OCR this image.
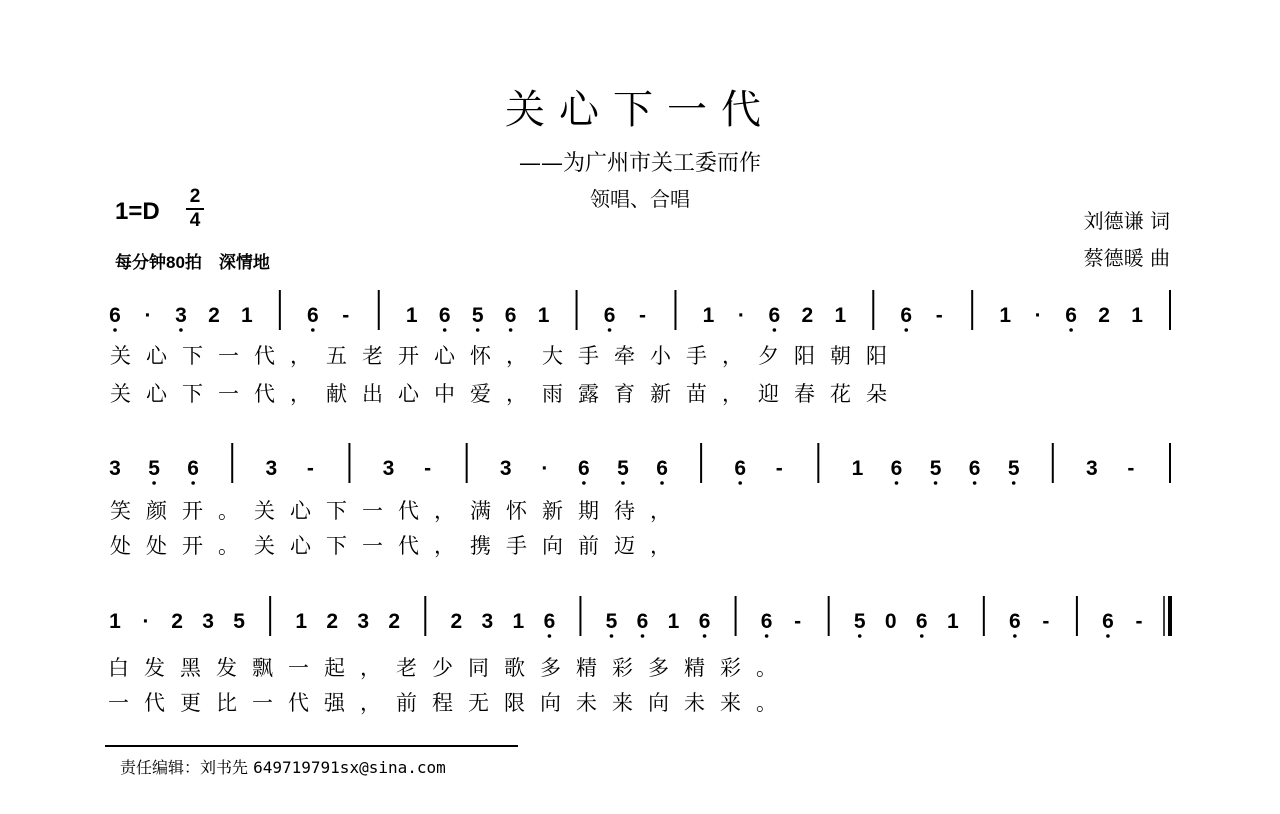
关心下一代
——为广州市关工委而作
领唱、合唱
1=D
2
4
每分钟80拍　深情地
刘德谦 词
蔡德暖 曲
6 · 3 2 1	6 -	1 6 5 6 1	6 -	1 · 6 2 1	6 -	1 · 6 2 1
3 5 6	3 -	3 -	3 · 6 5 6	6 -	1 6 5 6 5	3 -
1 · 2 3 5 1 2 3 2 2 3 1 6 5 6 1 6 6 -	5 0 6 1 6 -	6 -
关心下一代，五老开心怀，大手牵小手，夕阳朝阳
关心下一代，献出心中爱，雨露育新苗，迎春花朵
笑颜开。关心下一代，满怀新期待，
处处开。关心下一代，携手向前迈，
白发黑发飘一起，老少同歌多精彩多精彩。
一代更比一代强，前程无限向未来向未来。
责任编辑：刘书先 649719791sx@sina.com
